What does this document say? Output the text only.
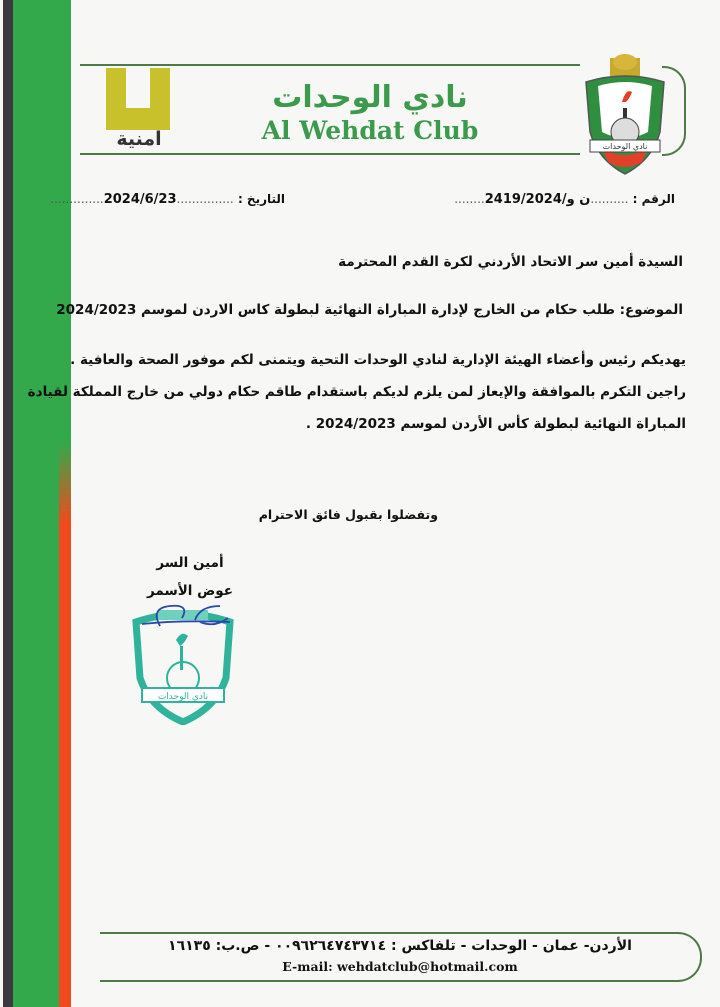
امنية
نادي الوحدات
Al Wehdat Club
نادي الوحدات
الرقم : ..........ن و/2419/2024........
التاريخ : ...............2024/6/23..............
السيدة أمين سر الاتحاد الأردني لكرة القدم المحترمة
الموضوع: طلب حكام من الخارج لإدارة المباراة النهائية لبطولة كاس الاردن لموسم 2024/2023
يهديكم رئيس وأعضاء الهيئة الإدارية لنادي الوحدات التحية ويتمنى لكم موفور الصحة والعافية .
راجين التكرم بالموافقة والإيعاز لمن يلزم لديكم باستقدام طاقم حكام دولي من خارج المملكة لقيادة
المباراة النهائية لبطولة كأس الأردن لموسم 2024/2023 .
وتفضلوا بقبول فائق الاحترام
أمين السر
عوض الأسمر
نادي الوحدات
الأردن- عمان - الوحدات - تلفاكس : ٠٠٩٦٢٦٤٧٤٣٧١٤ - ص.ب: ١٦١٣٥
E-mail: wehdatclub@hotmail.com
